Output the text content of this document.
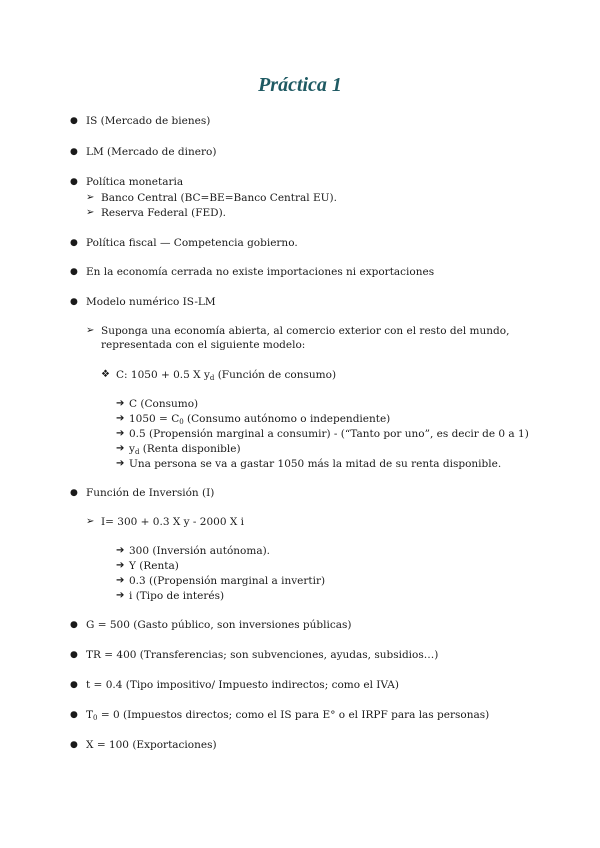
Práctica 1
● IS (Mercado de bienes)
● LM (Mercado de dinero)
● Política monetaria
➢ Banco Central (BC=BE=Banco Central EU).
➢ Reserva Federal (FED).
● Política fiscal — Competencia gobierno.
● En la economía cerrada no existe importaciones ni exportaciones
● Modelo numérico IS-LM
➢ Suponga una economía abierta, al comercio exterior con el resto del mundo, representada con el siguiente modelo:
❖ C: 1050 + 0.5 X $y_d$ (Función de consumo)
➔ C (Consumo)
➔ $1050 = C_0$ (Consumo autónomo o independiente)
➔ 0.5 (Propensión marginal a consumir) - (“Tanto por uno”, es decir de 0 a 1)
➔ $y_d$ (Renta disponible)
➔ Una persona se va a gastar 1050 más la mitad de su renta disponible.
● Función de Inversión (I)
➢ I= 300 + 0.3 X y - 2000 X i
➔ 300 (Inversión autónoma).
➔ Y (Renta)
➔ 0.3 ((Propensión marginal a invertir)
➔ i (Tipo de interés)
● G = 500 (Gasto público, son inversiones públicas)
● TR = 400 (Transferencias; son subvenciones, ayudas, subsidios…)
● t = 0.4 (Tipo impositivo/ Impuesto indirectos; como el IVA)
● $T_0 = 0$ (Impuestos directos; como el IS para E° o el IRPF para las personas)
● X = 100 (Exportaciones)
